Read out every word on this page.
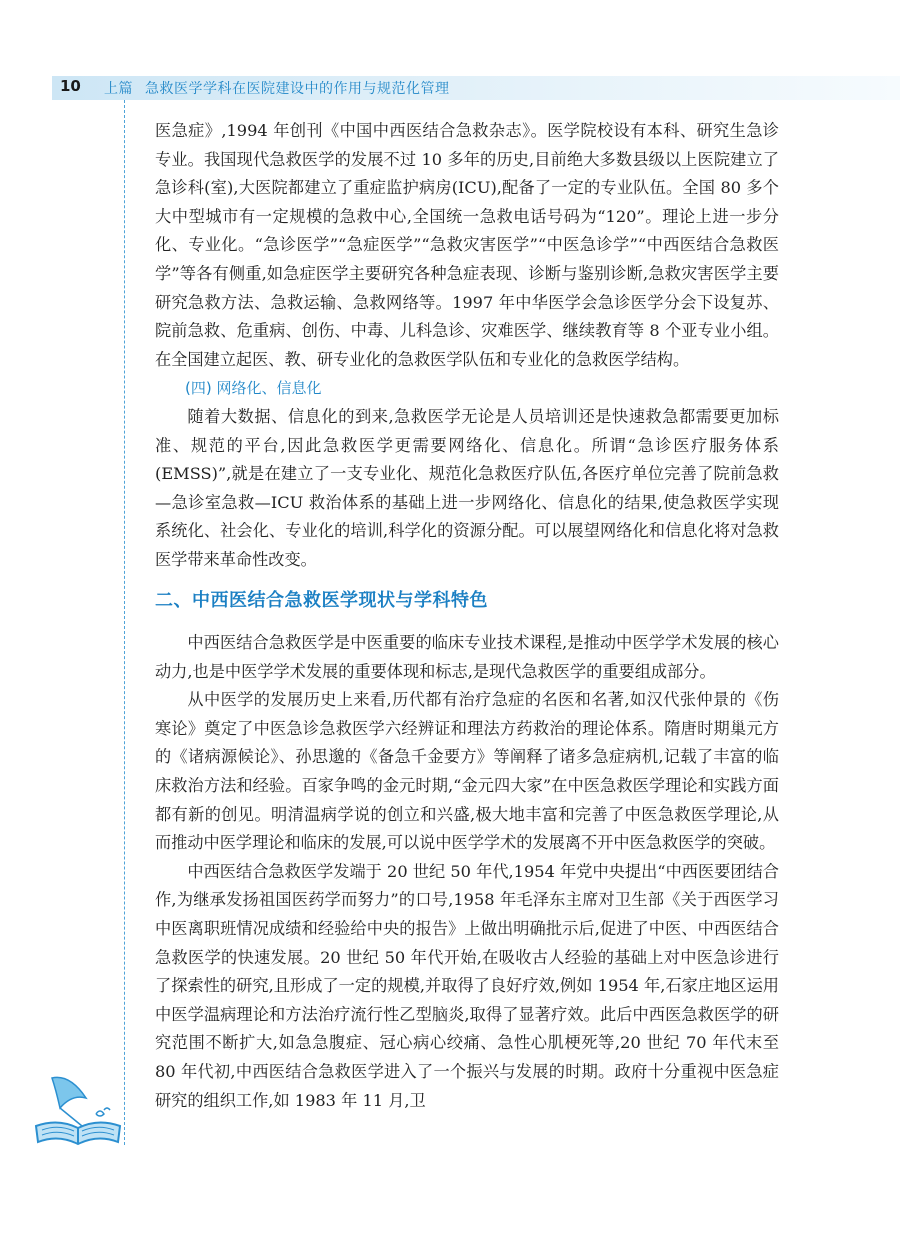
10 上篇 急救医学学科在医院建设中的作用与规范化管理

医急症》,1994 年创刊《中国中西医结合急救杂志》。医学院校设有本科、研究生急诊专业。我国现代急救医学的发展不过 10 多年的历史,目前绝大多数县级以上医院建立了急诊科(室),大医院都建立了重症监护病房(ICU),配备了一定的专业队伍。全国 80 多个大中型城市有一定规模的急救中心,全国统一急救电话号码为“120”。理论上进一步分化、专业化。“急诊医学”“急症医学”“急救灾害医学”“中医急诊学”“中西医结合急救医学”等各有侧重,如急症医学主要研究各种急症表现、诊断与鉴别诊断,急救灾害医学主要研究急救方法、急救运输、急救网络等。1997 年中华医学会急诊医学分会下设复苏、院前急救、危重病、创伤、中毒、儿科急诊、灾难医学、继续教育等 8 个亚专业小组。在全国建立起医、教、研专业化的急救医学队伍和专业化的急救医学结构。

(四) 网络化、信息化

随着大数据、信息化的到来,急救医学无论是人员培训还是快速救急都需要更加标准、规范的平台,因此急救医学更需要网络化、信息化。所谓“急诊医疗服务体系(EMSS)”,就是在建立了一支专业化、规范化急救医疗队伍,各医疗单位完善了院前急救—急诊室急救—ICU 救治体系的基础上进一步网络化、信息化的结果,使急救医学实现系统化、社会化、专业化的培训,科学化的资源分配。可以展望网络化和信息化将对急救医学带来革命性改变。

二、中西医结合急救医学现状与学科特色

中西医结合急救医学是中医重要的临床专业技术课程,是推动中医学学术发展的核心动力,也是中医学学术发展的重要体现和标志,是现代急救医学的重要组成部分。

从中医学的发展历史上来看,历代都有治疗急症的名医和名著,如汉代张仲景的《伤寒论》奠定了中医急诊急救医学六经辨证和理法方药救治的理论体系。隋唐时期巢元方的《诸病源候论》、孙思邈的《备急千金要方》等阐释了诸多急症病机,记载了丰富的临床救治方法和经验。百家争鸣的金元时期,“金元四大家”在中医急救医学理论和实践方面都有新的创见。明清温病学说的创立和兴盛,极大地丰富和完善了中医急救医学理论,从而推动中医学理论和临床的发展,可以说中医学学术的发展离不开中医急救医学的突破。

中西医结合急救医学发端于 20 世纪 50 年代,1954 年党中央提出“中西医要团结合作,为继承发扬祖国医药学而努力”的口号,1958 年毛泽东主席对卫生部《关于西医学习中医离职班情况成绩和经验给中央的报告》上做出明确批示后,促进了中医、中西医结合急救医学的快速发展。20 世纪 50 年代开始,在吸收古人经验的基础上对中医急诊进行了探索性的研究,且形成了一定的规模,并取得了良好疗效,例如 1954 年,石家庄地区运用中医学温病理论和方法治疗流行性乙型脑炎,取得了显著疗效。此后中西医急救医学的研究范围不断扩大,如急急腹症、冠心病心绞痛、急性心肌梗死等,20 世纪 70 年代末至 80 年代初,中西医结合急救医学进入了一个振兴与发展的时期。政府十分重视中医急症研究的组织工作,如 1983 年 11 月,卫
